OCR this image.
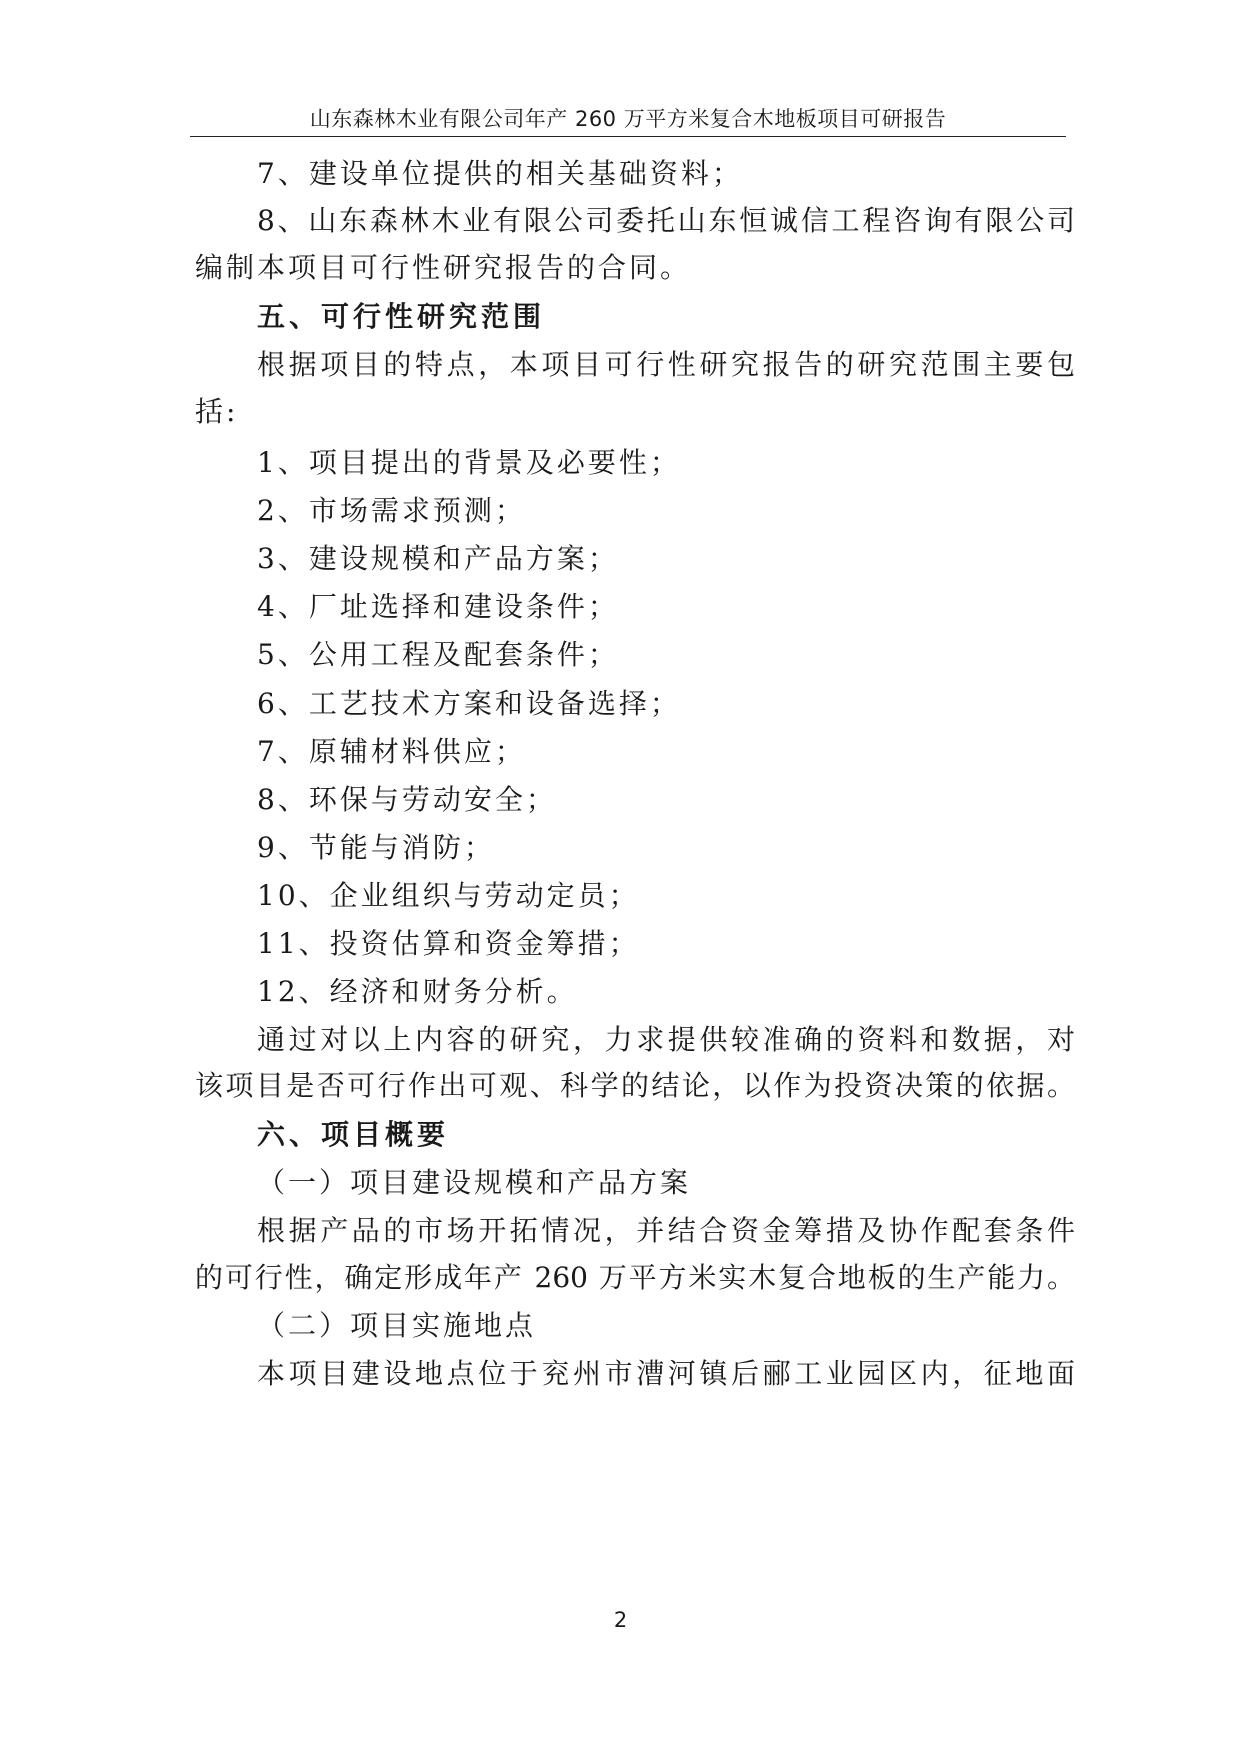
山东森林木业有限公司年产 260 万平方米复合木地板项目可研报告
7、建设单位提供的相关基础资料；
8、山东森林木业有限公司委托山东恒诚信工程咨询有限公司
编制本项目可行性研究报告的合同。
五、可行性研究范围
根据项目的特点，本项目可行性研究报告的研究范围主要包
括:
1、项目提出的背景及必要性；
2、市场需求预测；
3、建设规模和产品方案；
4、厂址选择和建设条件；
5、公用工程及配套条件；
6、工艺技术方案和设备选择；
7、原辅材料供应；
8、环保与劳动安全；
9、节能与消防；
10、企业组织与劳动定员；
11、投资估算和资金筹措；
12、经济和财务分析。
通过对以上内容的研究，力求提供较准确的资料和数据，对
该项目是否可行作出可观、科学的结论，以作为投资决策的依据。
六、项目概要
（一）项目建设规模和产品方案
根据产品的市场开拓情况，并结合资金筹措及协作配套条件
的可行性，确定形成年产 260 万平方米实木复合地板的生产能力。
（二）项目实施地点
本项目建设地点位于兖州市漕河镇后郦工业园区内，征地面
2
